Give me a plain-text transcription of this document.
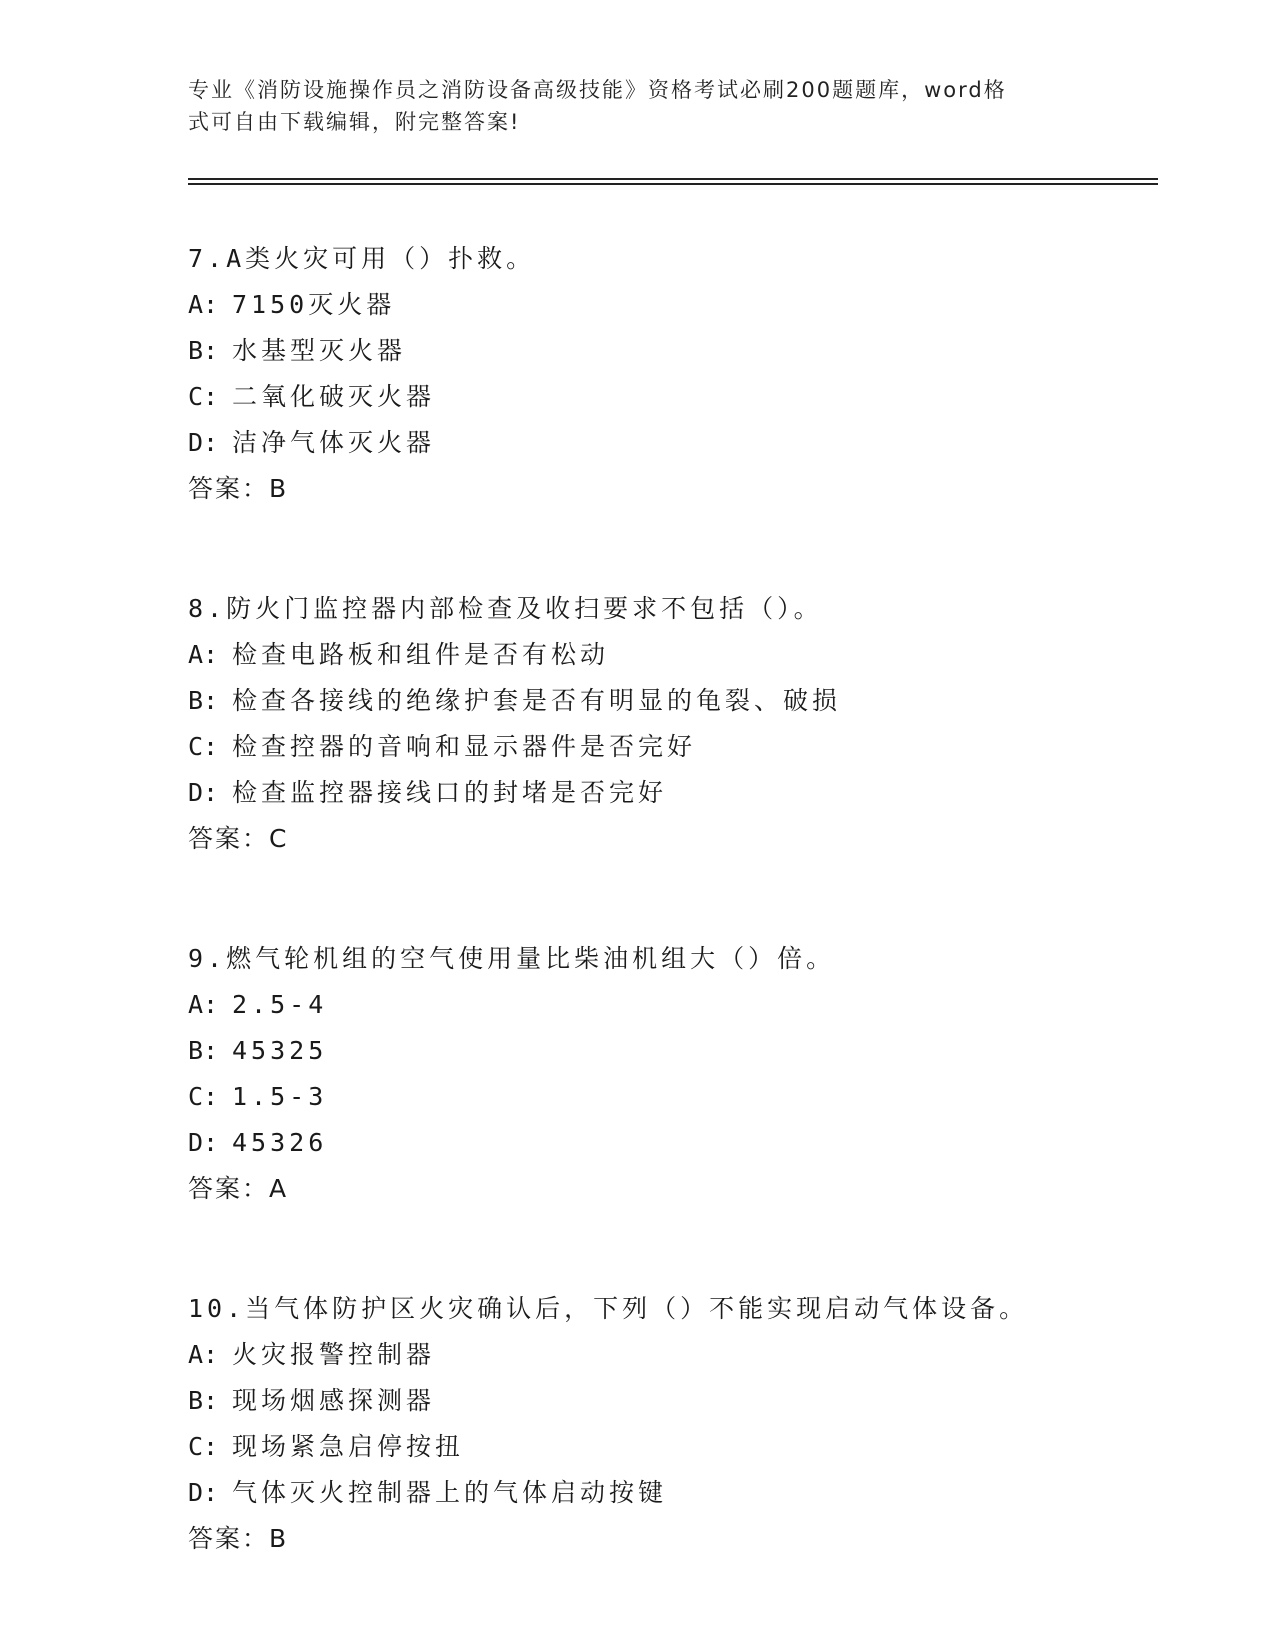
专业《消防设施操作员之消防设备高级技能》资格考试必刷200题题库，word格
式可自由下载编辑，附完整答案!
7.A类火灾可用（）扑救。
A: 7150灭火器
B: 水基型灭火器
C: 二氧化破灭火器
D: 洁净气体灭火器
答案：B
8.防火门监控器内部检查及收扫要求不包括（）。
A: 检查电路板和组件是否有松动
B: 检查各接线的绝缘护套是否有明显的龟裂、破损
C: 检查控器的音响和显示器件是否完好
D: 检查监控器接线口的封堵是否完好
答案：C
9.燃气轮机组的空气使用量比柴油机组大（）倍。
A: 2.5-4
B: 45325
C: 1.5-3
D: 45326
答案：A
10.当气体防护区火灾确认后，下列（）不能实现启动气体设备。
A: 火灾报警控制器
B: 现场烟感探测器
C: 现场紧急启停按扭
D: 气体灭火控制器上的气体启动按键
答案：B
